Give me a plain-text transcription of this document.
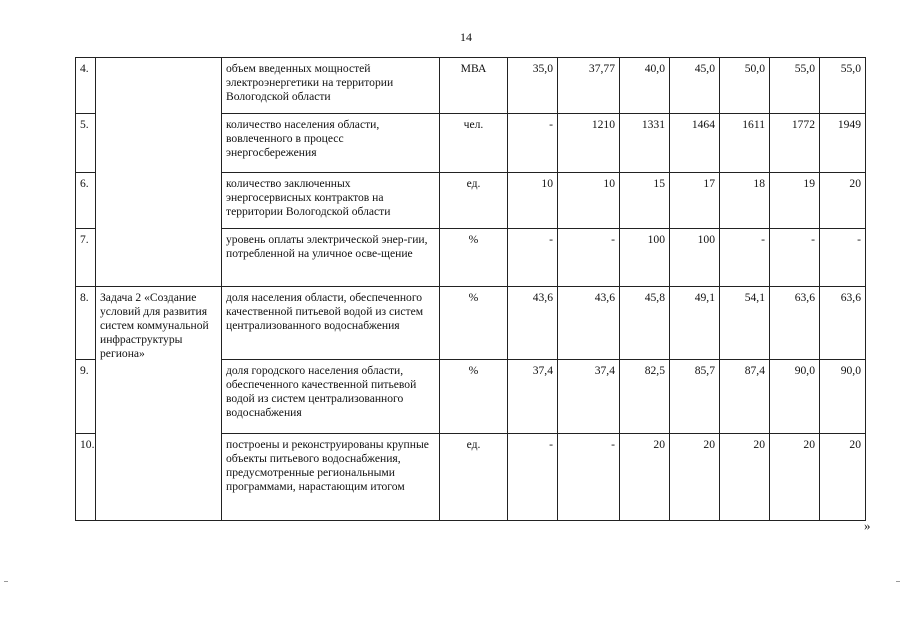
14
4.		объем введенных мощностей электроэнергетики на территории Вологодской области	МВА	35,0	37,77	40,0	45,0	50,0	55,0	55,0
5.		количество населения области, вовлеченного в процесс энергосбережения	чел.	-	1210	1331	1464	1611	1772	1949
6.		количество заключенных энергосервисных контрактов на территории Вологодской области	ед.	10	10	15	17	18	19	20
7.		уровень оплаты электрической энер-гии, потребленной на уличное осве-щение	%	-	-	100	100	-	-	-
8.	Задача 2 «Создание условий для развития систем коммунальной инфраструктуры региона»	доля населения области, обеспеченного качественной питьевой водой из систем централизованного водоснабжения	%	43,6	43,6	45,8	49,1	54,1	63,6	63,6
9.		доля городского населения области, обеспеченного качественной питьевой водой из систем централизованного водоснабжения	%	37,4	37,4	82,5	85,7	87,4	90,0	90,0
10.		построены и реконструированы крупные объекты питьевого водоснабжения, предусмотренные региональными программами, нарастающим итогом	ед.	-	-	20	20	20	20	20
»
